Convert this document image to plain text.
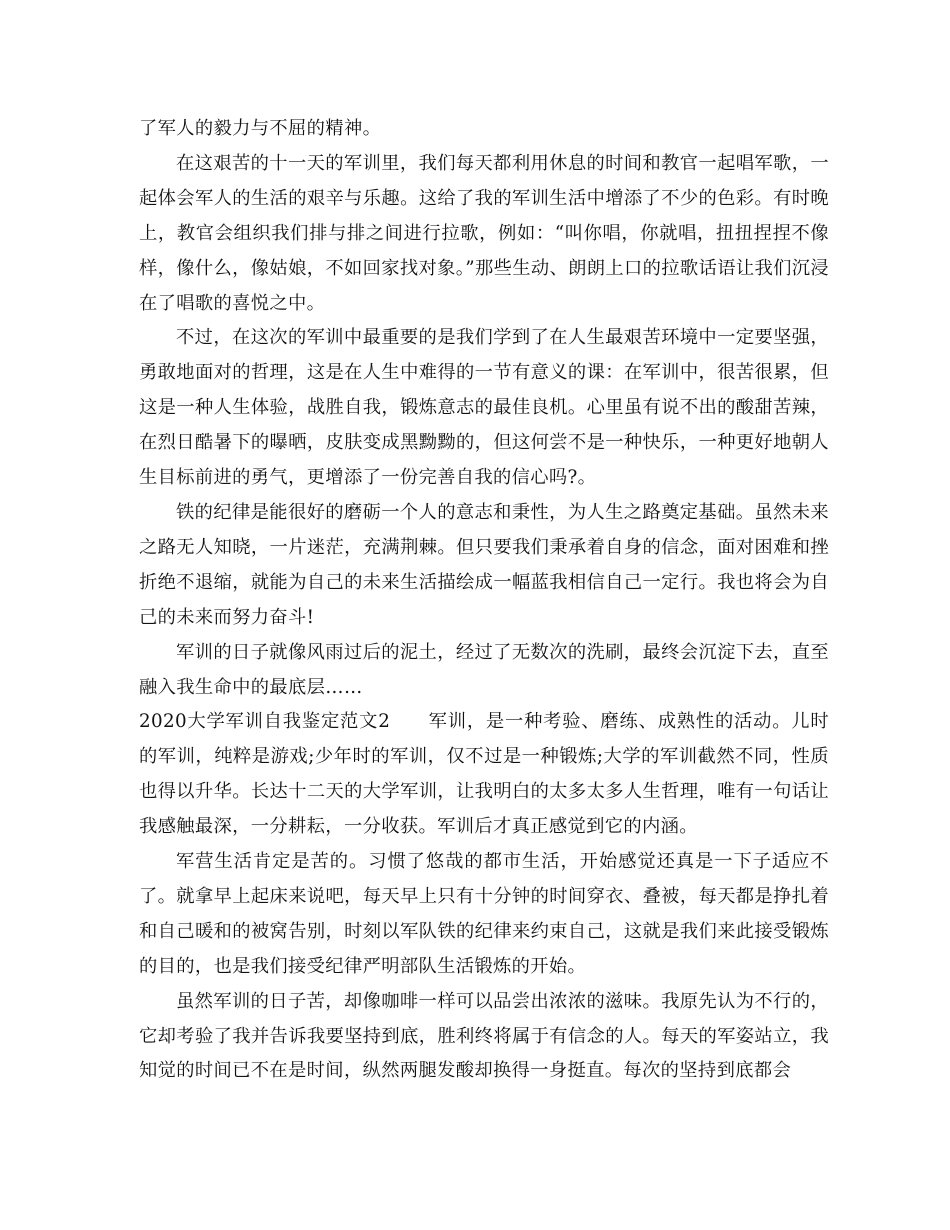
了军人的毅力与不屈的精神。

在这艰苦的十一天的军训里，我们每天都利用休息的时间和教官一起唱军歌，一起体会军人的生活的艰辛与乐趣。这给了我的军训生活中增添了不少的色彩。有时晚上，教官会组织我们排与排之间进行拉歌，例如：“叫你唱，你就唱，扭扭捏捏不像样，像什么，像姑娘，不如回家找对象。”那些生动、朗朗上口的拉歌话语让我们沉浸在了唱歌的喜悦之中。

不过，在这次的军训中最重要的是我们学到了在人生最艰苦环境中一定要坚强，勇敢地面对的哲理，这是在人生中难得的一节有意义的课：在军训中，很苦很累，但这是一种人生体验，战胜自我，锻炼意志的最佳良机。心里虽有说不出的酸甜苦辣，在烈日酷暑下的曝晒，皮肤变成黑黝黝的，但这何尝不是一种快乐，一种更好地朝人生目标前进的勇气，更增添了一份完善自我的信心吗?。

铁的纪律是能很好的磨砺一个人的意志和秉性，为人生之路奠定基础。虽然未来之路无人知晓，一片迷茫，充满荆棘。但只要我们秉承着自身的信念，面对困难和挫折绝不退缩，就能为自己的未来生活描绘成一幅蓝我相信自己一定行。我也将会为自己的未来而努力奋斗!

军训的日子就像风雨过后的泥土，经过了无数次的洗刷，最终会沉淀下去，直至融入我生命中的最底层……

2020大学军训自我鉴定范文2 军训，是一种考验、磨练、成熟性的活动。儿时的军训，纯粹是游戏;少年时的军训，仅不过是一种锻炼;大学的军训截然不同，性质也得以升华。长达十二天的大学军训，让我明白的太多太多人生哲理，唯有一句话让我感触最深，一分耕耘，一分收获。军训后才真正感觉到它的内涵。

军营生活肯定是苦的。习惯了悠哉的都市生活，开始感觉还真是一下子适应不了。就拿早上起床来说吧，每天早上只有十分钟的时间穿衣、叠被，每天都是挣扎着和自己暖和的被窝告别，时刻以军队铁的纪律来约束自己，这就是我们来此接受锻炼的目的，也是我们接受纪律严明部队生活锻炼的开始。

虽然军训的日子苦，却像咖啡一样可以品尝出浓浓的滋味。我原先认为不行的，它却考验了我并告诉我要坚持到底，胜利终将属于有信念的人。每天的军姿站立，我知觉的时间已不在是时间，纵然两腿发酸却换得一身挺直。每次的坚持到底都会
